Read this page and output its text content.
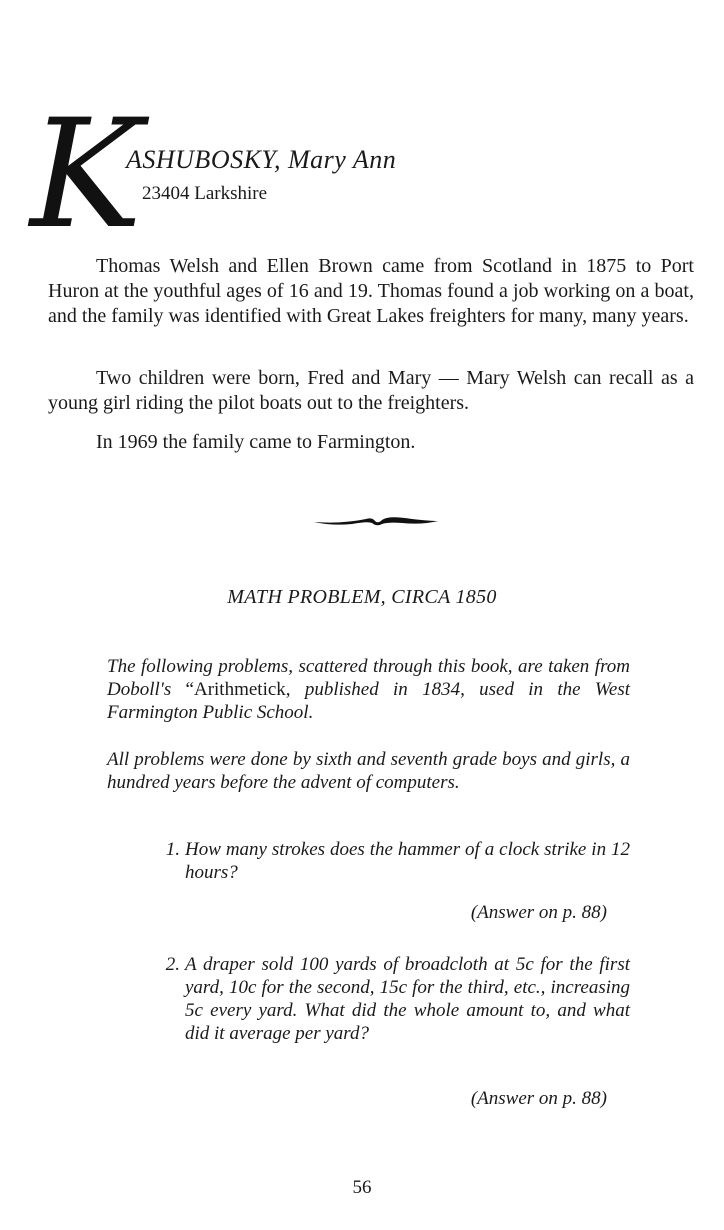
K
ASHUBOSKY, Mary Ann
23404 Larkshire

Thomas Welsh and Ellen Brown came from Scotland in 1875 to Port Huron at the youthful ages of 16 and 19. Thomas found a job working on a boat, and the family was identified with Great Lakes freighters for many, many years.

Two children were born, Fred and Mary — Mary Welsh can recall as a young girl riding the pilot boats out to the freighters.

In 1969 the family came to Farmington.

MATH PROBLEM, CIRCA 1850

The following problems, scattered through this book, are taken from Doboll's “Arithmetick, published in 1834, used in the West Farmington Public School.

All problems were done by sixth and seventh grade boys and girls, a hundred years before the advent of computers.

1. How many strokes does the hammer of a clock strike in 12 hours?

(Answer on p. 88)
2. A draper sold 100 yards of broadcloth at 5c for the first yard, 10c for the second, 15c for the third, etc., increasing 5c every yard. What did the whole amount to, and what did it average per yard?

(Answer on p. 88)
56
